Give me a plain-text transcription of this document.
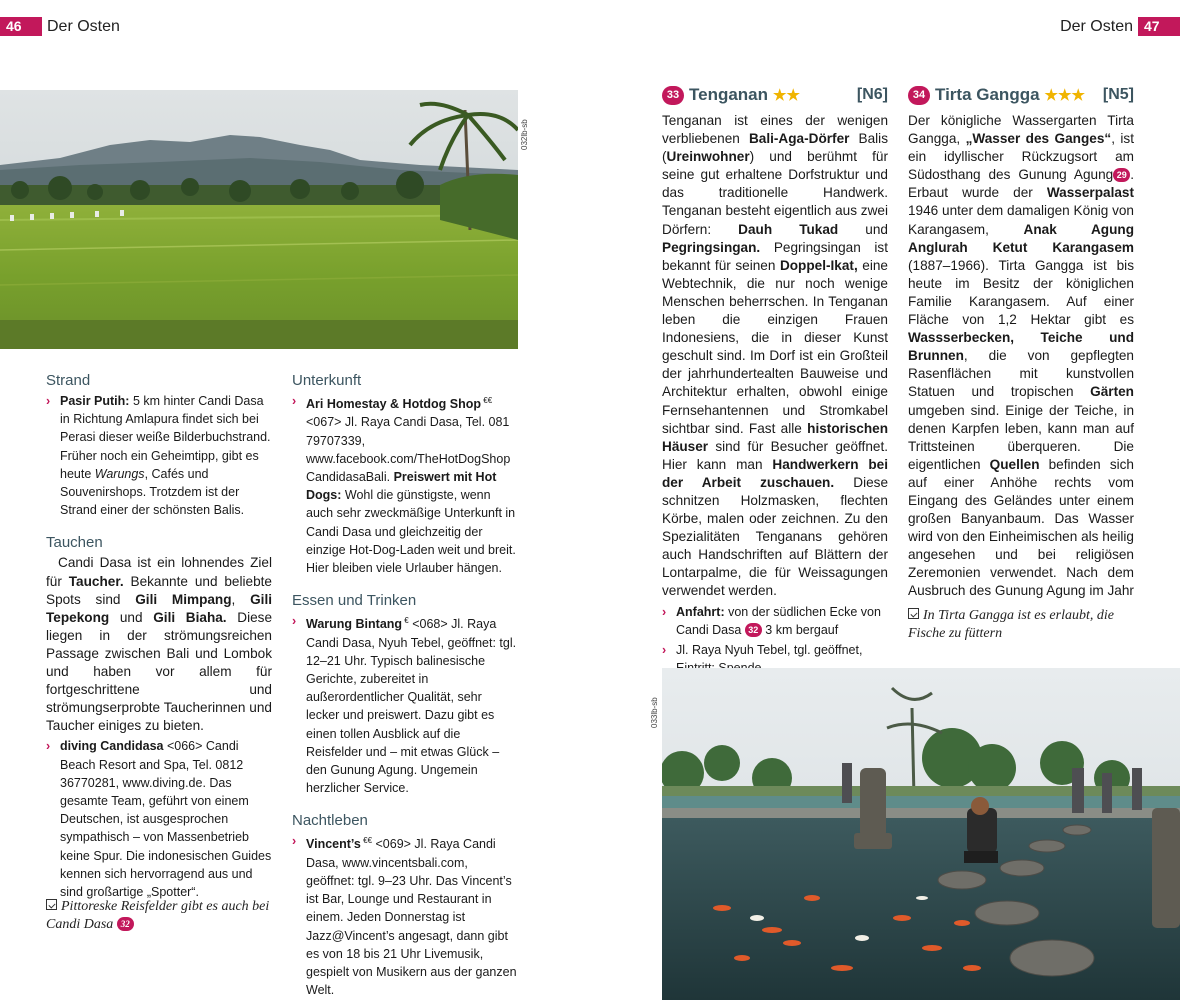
46	Der Osten	Der Osten 47
032lb-sb
Strand
› Pasir Putih: 5 km hinter Candi Dasa in Richtung Amlapura findet sich bei Perasi dieser weiße Bilderbuchstrand. Früher noch ein Geheimtipp, gibt es heute Warungs, Cafés und Souvenirshops. Trotzdem ist der Strand einer der schönsten Balis.
Tauchen
Candi Dasa ist ein lohnendes Ziel für Taucher. Bekannte und beliebte Spots sind Gili Mimpang, Gili Tepekong und Gili Biaha. Diese liegen in der strömungsreichen Passage zwischen Bali und Lombok und haben vor allem für fortgeschrittene und strömungserprobte Taucherinnen und Taucher einiges zu bieten.
› diving Candidasa <066> Candi Beach Resort and Spa, Tel. 0812 36770281, www.diving.de. Das gesamte Team, geführt von einem Deutschen, ist ausgesprochen sympathisch – von Massenbetrieb keine Spur. Die indonesischen Guides kennen sich hervorragend aus und sind großartige „Spotter“.
Pittoreske Reisfelder gibt es auch bei Candi Dasa 32
Unterkunft
› Ari Homestay & Hotdog Shop €€ <067> Jl. Raya Candi Dasa, Tel. 081 79707339, www.facebook.com/TheHotDogShop CandidasaBali. Preiswert mit Hot Dogs: Wohl die günstigste, wenn auch sehr zweckmäßige Unterkunft in Candi Dasa und gleichzeitig der einzige Hot-Dog-Laden weit und breit. Hier bleiben viele Urlauber hängen.
Essen und Trinken
› Warung Bintang € <068> Jl. Raya Candi Dasa, Nyuh Tebel, geöffnet: tgl. 12–21 Uhr. Typisch balinesische Gerichte, zubereitet in außerordentlicher Qualität, sehr lecker und preiswert. Dazu gibt es einen tollen Ausblick auf die Reisfelder und – mit etwas Glück – den Gunung Agung. Ungemein herzlicher Service.
Nachtleben
› Vincent’s €€ <069> Jl. Raya Candi Dasa, www.vincentsbali.com, geöffnet: tgl. 9–23 Uhr. Das Vincent’s ist Bar, Lounge und Restaurant in einem. Jeden Donnerstag ist Jazz@Vincent’s angesagt, dann gibt es von 18 bis 21 Uhr Livemusik, gespielt von Musikern aus der ganzen Welt.
33 Tenganan ★★	[N6]
Tenganan ist eines der wenigen verbliebenen Bali-Aga-Dörfer Balis (Ureinwohner) und berühmt für seine gut erhaltene Dorfstruktur und das traditionelle Handwerk. Tenganan besteht eigentlich aus zwei Dörfern: Dauh Tukad und Pegringsingan. Pegringsingan ist bekannt für seinen Doppel-Ikat, eine Webtechnik, die nur noch wenige Menschen beherrschen. In Tenganan leben die einzigen Frauen Indonesiens, die in dieser Kunst geschult sind. Im Dorf ist ein Großteil der jahrhundertealten Bauweise und Architektur erhalten, obwohl einige Fernsehantennen und Stromkabel sichtbar sind. Fast alle historischen Häuser sind für Besucher geöffnet. Hier kann man Handwerkern bei der Arbeit zuschauen. Diese schnitzen Holzmasken, flechten Körbe, malen oder zeichnen. Zu den Spezialitäten Tenganans gehören auch Handschriften auf Blättern der Lontarpalme, die für Weissagungen verwendet werden.
› Anfahrt: von der südlichen Ecke von Candi Dasa 32 3 km bergauf
› Jl. Raya Nyuh Tebel, tgl. geöffnet,
34 Tirta Gangga ★★★ [N5]
Der königliche Wassergarten Tirta Gangga, „Wasser des Ganges“, ist ein idyllischer Rückzugsort am Südosthang des Gunung Agung 29 . Erbaut wurde der Wasserpalast 1946 unter dem damaligen König von Karangasem, Anak Agung Anglurah Ketut Karangasem (1887–1966). Tirta Gangga ist bis heute im Besitz der königlichen Familie Karangasem. Auf einer Fläche von 1,2 Hektar gibt es Wassserbecken, Teiche und Brunnen, die von gepflegten Rasenflächen mit kunstvollen Statuen und tropischen Gärten umgeben sind. Einige der Teiche, in denen Karpfen leben, kann man auf Trittsteinen überqueren. Die eigentlichen Quellen befinden sich auf einer Anhöhe rechts vom Eingang des Geländes unter einem großen Banyanbaum. Das Wasser wird von den Einheimischen als heilig angesehen und bei religiösen Zeremonien verwendet. Nach dem Ausbruch des Gunung Agung im Jahr
In Tirta Gangga ist es erlaubt, die Fische zu füttern
033lb-sb
